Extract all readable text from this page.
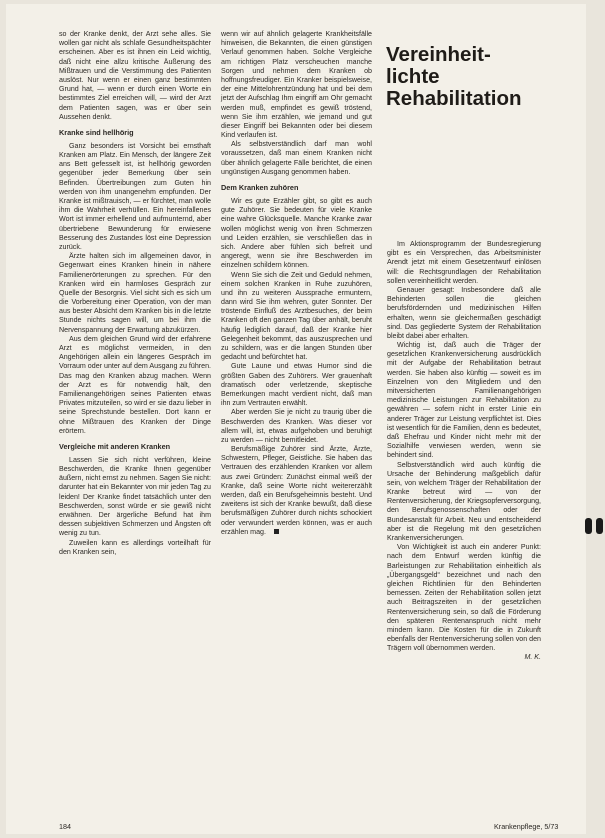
so der Kranke denkt, der Arzt sehe alles. Sie wollen gar nicht als schlafe Gesundheitspächter erscheinen. Aber es ist ihnen ein Leid wichtig, daß nicht eine allzu kritische Äußerung des Mißtrauen und die Verstimmung des Patienten auslöst. Nur wenn er einen ganz bestimmten Grund hat, — wenn er durch einen Worte ein bestimmtes Ziel erreichen will, — wird der Arzt dem Patienten sagen, was er über sein Aussehen denkt.

Kranke sind hellhörig

Ganz besonders ist Vorsicht bei ernsthaft Kranken am Platz. Ein Mensch, der längere Zeit ans Bett gefesselt ist, ist hellhörig geworden gegenüber jeder Bemerkung über sein Befinden. Übertreibungen zum Guten hin werden von ihm unangenehm empfunden. Der Kranke ist mißtrauisch, — er fürchtet, man wolle ihm die Wahrheit verhüllen. Ein hereinfallenes Wort ist immer erhellend und aufmunternd, aber übertriebene Bewunderung für erwiesene Besserung des Zustandes löst eine Depression zurück.

Ärzte halten sich im allgemeinen davor, in Gegenwart eines Kranken hinein in nähere Familienerörterungen zu sprechen. Für den Kranken wird ein harmloses Gespräch zur Quelle der Besorgnis. Viel sicht sich es sich um die Vorbereitung einer Operation, von der man aus bester Absicht dem Kranken bis in die letzte Stunde nichts sagen will, um bei ihm die Nervenspannung der Erwartung abzukürzen.

Aus dem gleichen Grund wird der erfahrene Arzt es möglichst vermeiden, in den Angehörigen allein ein längeres Gespräch im Vorraum oder unter auf dem Ausgang zu führen. Das mag den Kranken abzug machen. Wenn der Arzt es für notwendig hält, den Familienangehörigen seines Patienten etwas Privates mitzuteilen, so wird er sie dazu lieber in seine Sprechstunde bestellen. Dort kann er ohne Mißtrauen des Kranken der Dinge erörtern.

Vergleiche mit anderen Kranken

Lassen Sie sich nicht verführen, kleine Beschwerden, die Kranke Ihnen gegenüber äußern, nicht ernst zu nehmen. Sagen Sie nicht: darunter hat ein Bekannter von mir jeden Tag zu leiden! Der Kranke findet tatsächlich unter den Beschwerden, sonst würde er sie gewiß nicht erwähnen. Der ärgerliche Befund hat ihm dessen subjektiven Schmerzen und Ängsten oft wenig zu tun.

Zuweilen kann es allerdings vorteilhaft für den Kranken sein,

wenn wir auf ähnlich gelagerte Krankheitsfälle hinweisen, die Bekannten, die einen günstigen Verlauf genommen haben. Solche Vergleiche am richtigen Platz verscheuchen manche Sorgen und nehmen dem Kranken ob hoffnungsfreudiger. Ein Kranker beispielsweise, der eine Mittelohrentzündung hat und bei dem jetzt der Aufschlag Ihm eingriff am Ohr gemacht werden muß, empfindet es gewiß tröstend, wenn Sie ihm erzählen, wie jemand und gut dieser Eingriff bei Bekannten oder bei diesem Kind verlaufen ist.

Als selbstverständlich darf man wohl voraussetzen, daß man einem Kranken nicht über ähnlich gelagerte Fälle berichtet, die einen ungünstigen Ausgang genommen haben.

Dem Kranken zuhören

Wir es gute Erzähler gibt, so gibt es auch gute Zuhörer. Sie bedeuten für viele Kranke eine wahre Glücksquelle. Manche Kranke zwar wollen möglichst wenig von ihren Schmerzen und Leiden erzählen, sie verschließen das in sich. Andere aber fühlen sich befreit und angeregt, wenn sie ihre Beschwerden im einzelnen schildern können.

Wenn Sie sich die Zeit und Geduld nehmen, einem solchen Kranken in Ruhe zuzuhören, und ihn zu weiteren Aussprache ermuntern, dann wird Sie ihm wehren, guter Sonnter. Der tröstende Einfluß des Arztbesuches, der beim Kranken oft den ganzen Tag über anhält, beruht häufig lediglich darauf, daß der Kranke hier Gelegenheit bekommt, das auszusprechen und zu schildern, was er die langen Stunden über gedacht und befürchtet hat.

Gute Laune und etwas Humor sind die größten Gaben des Zuhörers. Wer grauenhaft dramatisch oder verletzende, skeptische Bemerkungen macht verdient nicht, daß man ihn zum Vertrauten erwählt.

Aber werden Sie je nicht zu traurig über die Beschwerden des Kranken. Was dieser vor allem will, ist, etwas aufgehoben und beruhigt zu werden — nicht bemitleidet.

Berufsmäßige Zuhörer sind Ärzte, Ärzte, Schwestern, Pfleger, Geistliche. Sie haben das Vertrauen des erzählenden Kranken vor allem aus zwei Gründen: Zunächst einmal weiß der Kranke, daß seine Worte nicht weitererzählt werden, daß ein Berufsgeheimnis besteht. Und zweitens ist sich der Kranke bewußt, daß diese berufsmäßigen Zuhörer durch nichts schockiert oder verwundert werden können, was er auch erzählen mag.

Vereinheit-
lichte
Rehabilitation

Im Aktionsprogramm der Bundesregierung gibt es ein Versprechen, das Arbeitsminister Arendt jetzt mit einem Gesetzentwurf einlösen will: die Rechtsgrundlagen der Rehabilitation sollen vereinheitlicht werden.

Genauer gesagt: Insbesondere daß alle Behinderten sollen die gleichen berufsfördernden und medizinischen Hilfen erhalten, wenn sie gleichermaßen geschädigt sind. Das gegliederte System der Rehabilitation bleibt dabei aber erhalten.

Wichtig ist, daß auch die Träger der gesetzlichen Krankenversicherung ausdrücklich mit der Aufgabe der Rehabilitation betraut werden. Sie haben also künftig — soweit es im Einzelnen von den Mitgliedern und den mitversicherten Familienangehörigen medizinische Leistungen zur Rehabilitation zu gewähren — sofern nicht in erster Linie ein anderer Träger zur Leistung verpflichtet ist. Dies ist wesentlich für die Familien, denn es bedeutet, daß Ehefrau und Kinder nicht mehr mit der Sozialhilfe verwiesen werden, wenn sie behindert sind.

Selbstverständlich wird auch künftig die Ursache der Behinderung maßgeblich dafür sein, von welchem Träger der Rehabilitation der Kranke betreut wird — von der Rentenversicherung, der Kriegsopferversorgung, den Berufsgenossenschaften oder der Bundesanstalt für Arbeit. Neu und entscheidend aber ist die Regelung mit den gesetzlichen Krankenversicherungen.

Von Wichtigkeit ist auch ein anderer Punkt: nach dem Entwurf werden künftig die Barleistungen zur Rehabilitation einheitlich als „Übergangsgeld“ bezeichnet und nach den gleichen Richtlinien für den Behinderten bemessen. Zeiten der Rehabilitation sollen jetzt auch Beitragszeiten in der gesetzlichen Rentenversicherung sein, so daß die Förderung den späteren Rentenanspruch nicht mehr mindern kann. Die Kosten für die in Zukunft ebenfalls der Rentenversicherung sollen von den Trägern voll übernommen werden.

M. K.

184	Krankenpflege, 5/73
